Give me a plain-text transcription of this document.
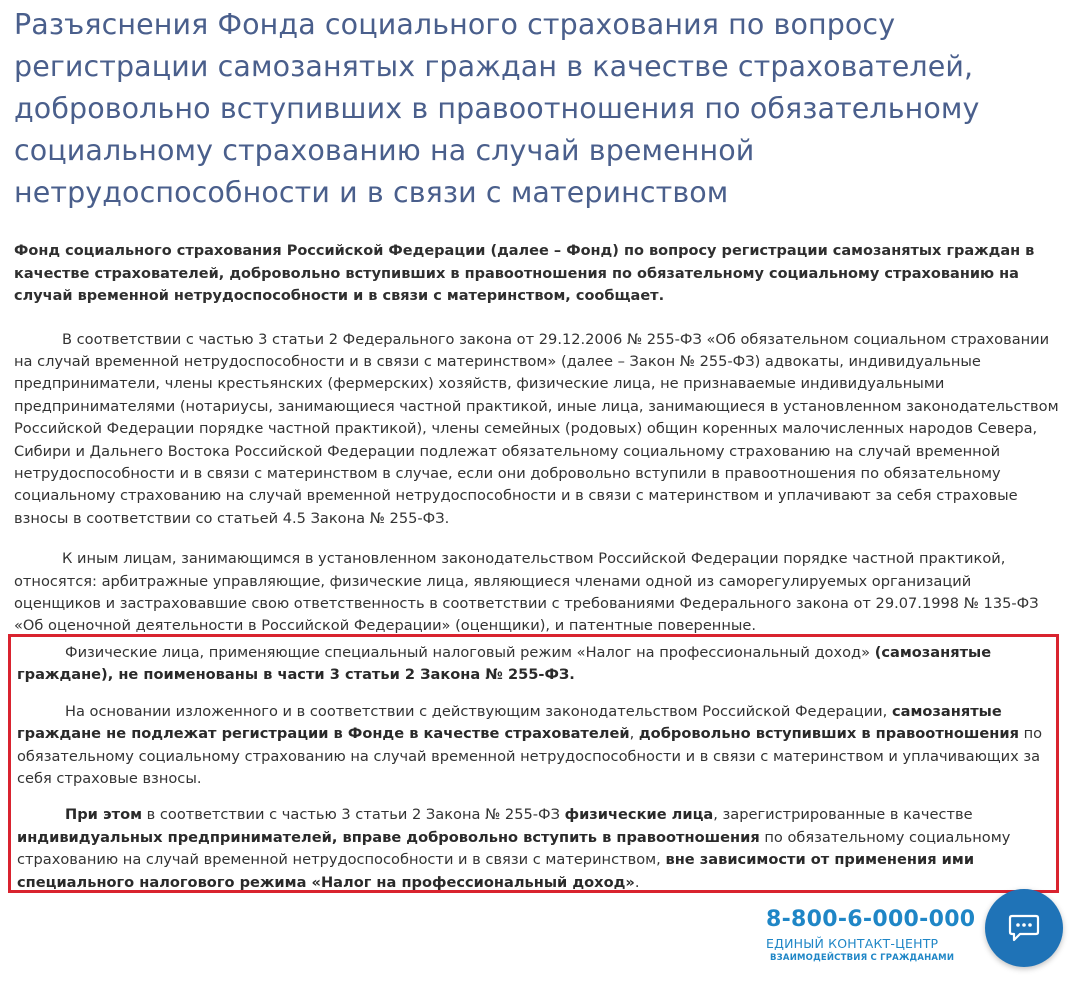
Разъяснения Фонда социального страхования по вопросу регистрации самозанятых граждан в качестве страхователей, добровольно вступивших в правоотношения по обязательному социальному страхованию на случай временной нетрудоспособности и в связи с материнством

Фонд социального страхования Российской Федерации (далее – Фонд) по вопросу регистрации самозанятых граждан в качестве страхователей, добровольно вступивших в правоотношения по обязательному социальному страхованию на случай временной нетрудоспособности и в связи с материнством, сообщает.

В соответствии с частью 3 статьи 2 Федерального закона от 29.12.2006 № 255-ФЗ «Об обязательном социальном страховании на случай временной нетрудоспособности и в связи с материнством» (далее – Закон № 255-ФЗ) адвокаты, индивидуальные предприниматели, члены крестьянских (фермерских) хозяйств, физические лица, не признаваемые индивидуальными предпринимателями (нотариусы, занимающиеся частной практикой, иные лица, занимающиеся в установленном законодательством Российской Федерации порядке частной практикой), члены семейных (родовых) общин коренных малочисленных народов Севера, Сибири и Дальнего Востока Российской Федерации подлежат обязательному социальному страхованию на случай временной нетрудоспособности и в связи с материнством в случае, если они добровольно вступили в правоотношения по обязательному социальному страхованию на случай временной нетрудоспособности и в связи с материнством и уплачивают за себя страховые взносы в соответствии со статьей 4.5 Закона № 255-ФЗ.

К иным лицам, занимающимся в установленном законодательством Российской Федерации порядке частной практикой, относятся: арбитражные управляющие, физические лица, являющиеся членами одной из саморегулируемых организаций оценщиков и застраховавшие свою ответственность в соответствии с требованиями Федерального закона от 29.07.1998 № 135-ФЗ «Об оценочной деятельности в Российской Федерации» (оценщики), и патентные поверенные.

Физические лица, применяющие специальный налоговый режим «Налог на профессиональный доход» (самозанятые граждане), не поименованы в части 3 статьи 2 Закона № 255-ФЗ.

На основании изложенного и в соответствии с действующим законодательством Российской Федерации, самозанятые граждане не подлежат регистрации в Фонде в качестве страхователей, добровольно вступивших в правоотношения по обязательному социальному страхованию на случай временной нетрудоспособности и в связи с материнством и уплачивающих за себя страховые взносы.

При этом в соответствии с частью 3 статьи 2 Закона № 255-ФЗ физические лица, зарегистрированные в качестве индивидуальных предпринимателей, вправе добровольно вступить в правоотношения по обязательному социальному страхованию на случай временной нетрудоспособности и в связи с материнством, вне зависимости от применения ими специального налогового режима «Налог на профессиональный доход».

8-800-6-000-000
ЕДИНЫЙ КОНТАКТ-ЦЕНТР
ВЗАИМОДЕЙСТВИЯ С ГРАЖДАНАМИ
